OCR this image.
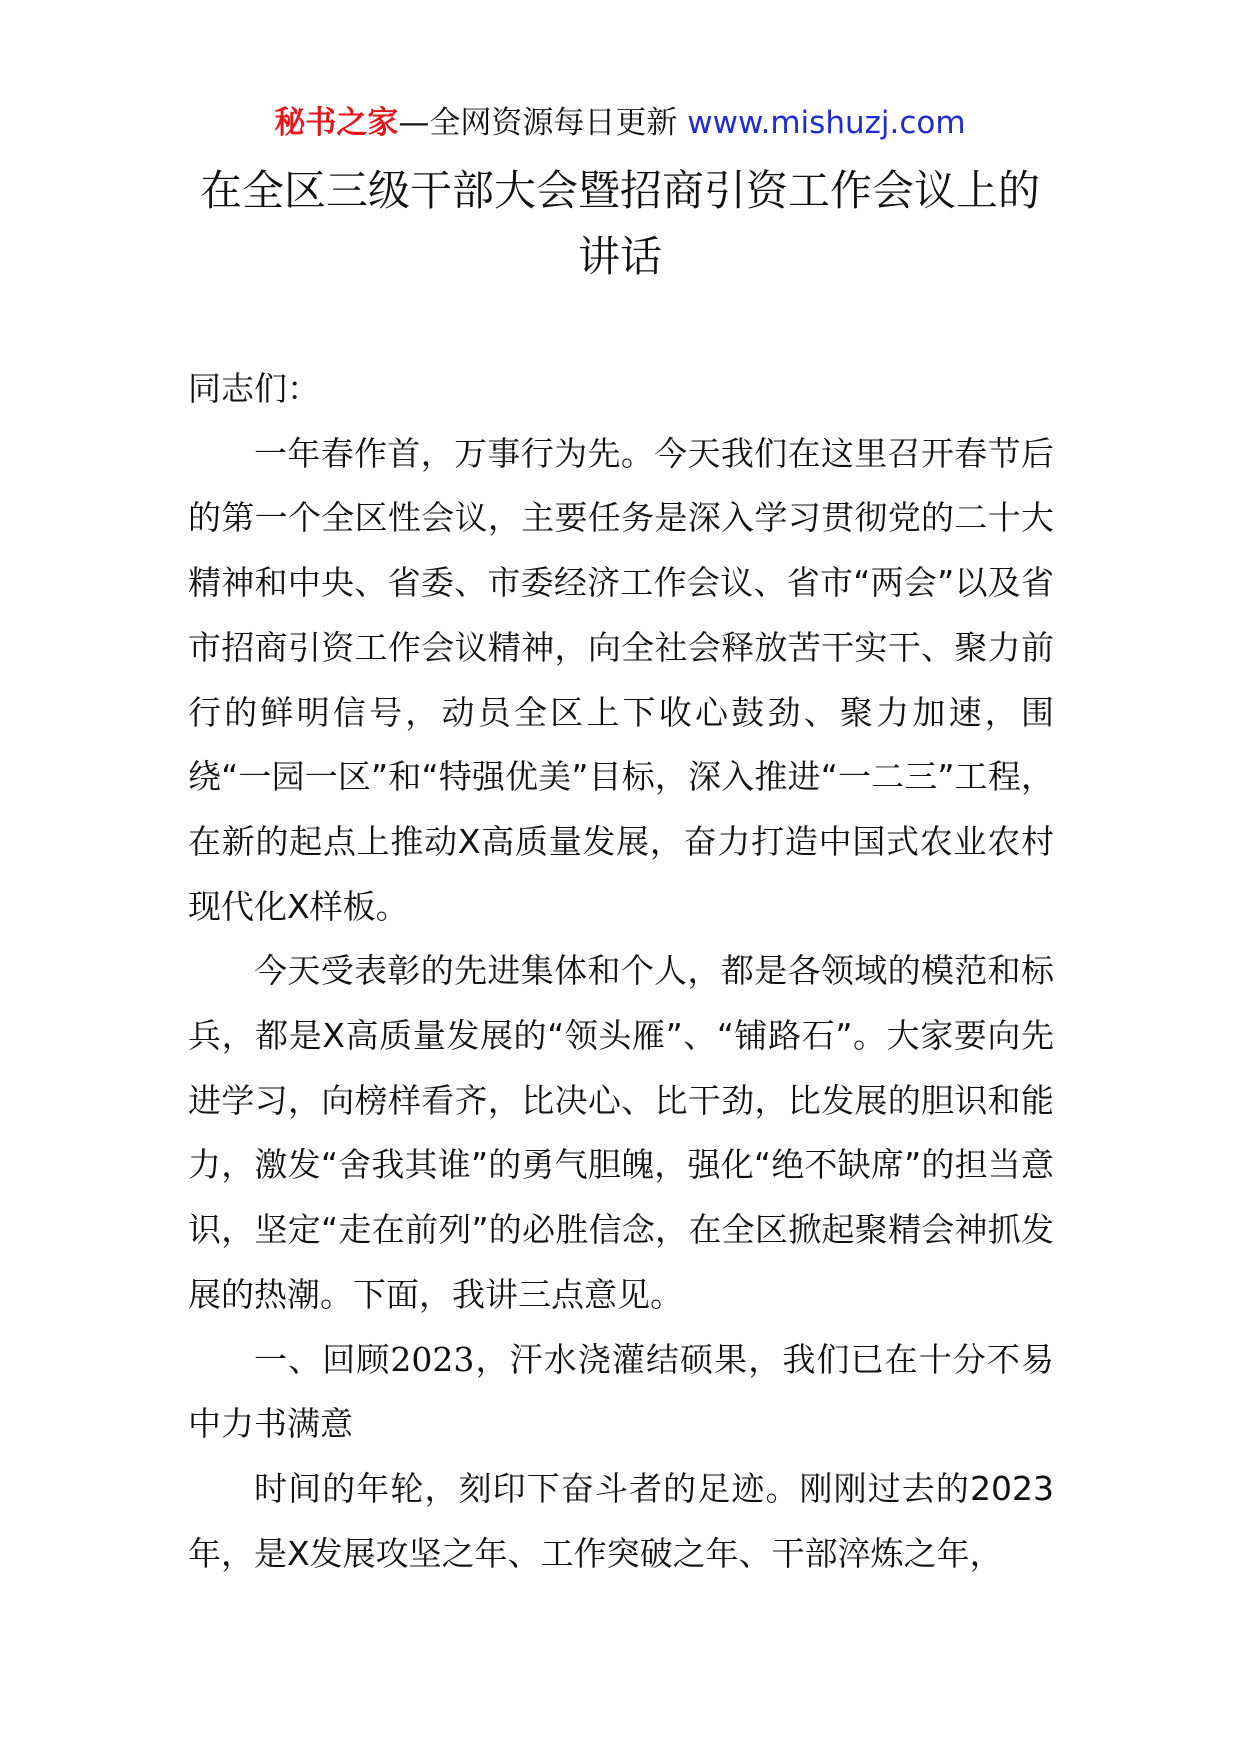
秘书之家—全网资源每日更新 www.mishuzj.com
在全区三级干部大会暨招商引资工作会议上的讲话

同志们：

一年春作首，万事行为先。今天我们在这里召开春节后的第一个全区性会议，主要任务是深入学习贯彻党的二十大精神和中央、省委、市委经济工作会议、省市“两会”以及省市招商引资工作会议精神，向全社会释放苦干实干、聚力前行的鲜明信号，动员全区上下收心鼓劲、聚力加速，围绕“一园一区”和“特强优美”目标，深入推进“一二三”工程，在新的起点上推动X高质量发展，奋力打造中国式农业农村现代化X样板。

今天受表彰的先进集体和个人，都是各领域的模范和标兵，都是X高质量发展的“领头雁”、“铺路石”。大家要向先进学习，向榜样看齐，比决心、比干劲，比发展的胆识和能力，激发“舍我其谁”的勇气胆魄，强化“绝不缺席”的担当意识，坚定“走在前列”的必胜信念，在全区掀起聚精会神抓发展的热潮。下面，我讲三点意见。

一、回顾2023，汗水浇灌结硕果，我们已在十分不易中力书满意

时间的年轮，刻印下奋斗者的足迹。刚刚过去的2023年，是X发展攻坚之年、工作突破之年、干部淬炼之年，
